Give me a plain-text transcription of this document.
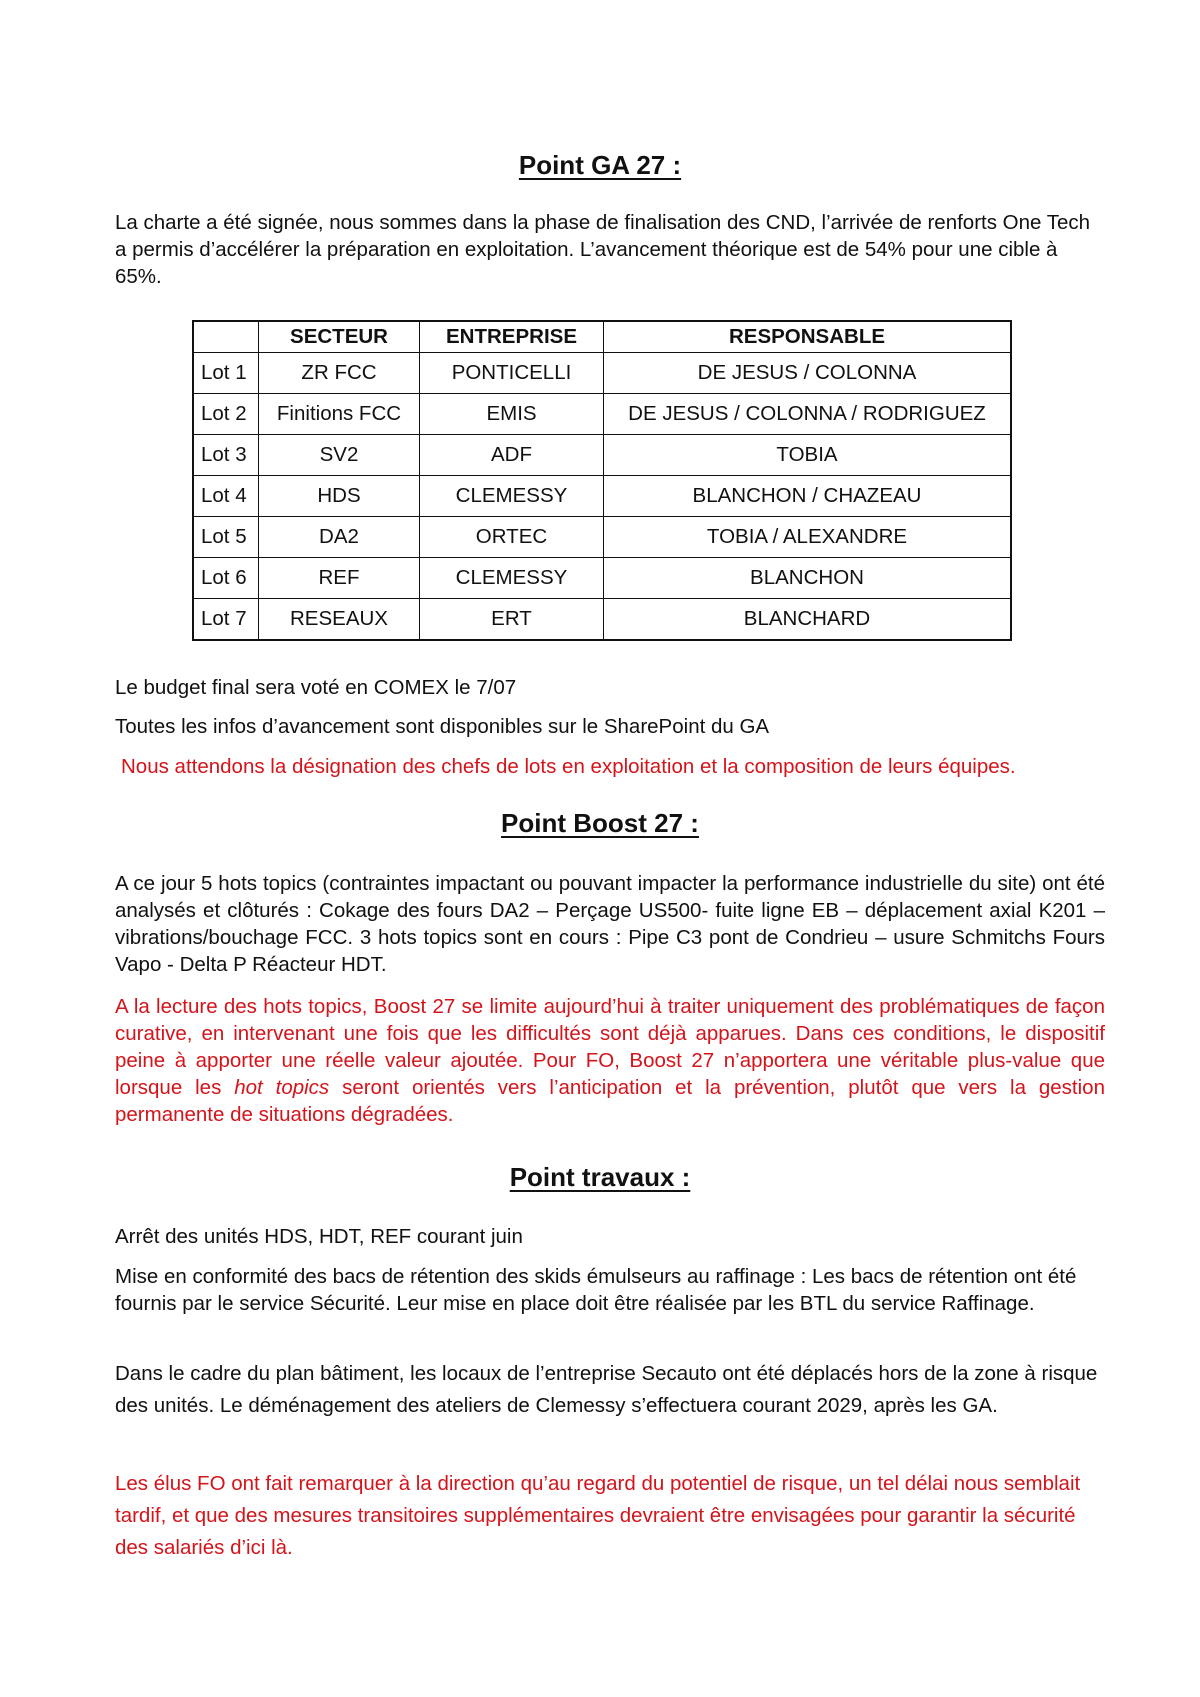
Point GA 27 :

La charte a été signée, nous sommes dans la phase de finalisation des CND, l’arrivée de renforts One Tech a permis d’accélérer la préparation en exploitation. L’avancement théorique est de 54% pour une cible à 65%.

	SECTEUR	ENTREPRISE	RESPONSABLE
Lot 1	ZR FCC	PONTICELLI	DE JESUS / COLONNA
Lot 2	Finitions FCC	EMIS	DE JESUS / COLONNA / RODRIGUEZ
Lot 3	SV2	ADF	TOBIA
Lot 4	HDS	CLEMESSY	BLANCHON / CHAZEAU
Lot 5	DA2	ORTEC	TOBIA / ALEXANDRE
Lot 6	REF	CLEMESSY	BLANCHON
Lot 7	RESEAUX	ERT	BLANCHARD

Le budget final sera voté en COMEX le 7/07

Toutes les infos d’avancement sont disponibles sur le SharePoint du GA

Nous attendons la désignation des chefs de lots en exploitation et la composition de leurs équipes.

Point Boost 27 :

A ce jour 5 hots topics (contraintes impactant ou pouvant impacter la performance industrielle du site) ont été analysés et clôturés : Cokage des fours DA2 – Perçage US500- fuite ligne EB – déplacement axial K201 – vibrations/bouchage FCC. 3 hots topics sont en cours : Pipe C3 pont de Condrieu – usure Schmitchs Fours Vapo - Delta P Réacteur HDT.

A la lecture des hots topics, Boost 27 se limite aujourd’hui à traiter uniquement des problématiques de façon curative, en intervenant une fois que les difficultés sont déjà apparues. Dans ces conditions, le dispositif peine à apporter une réelle valeur ajoutée. Pour FO, Boost 27 n’apportera une véritable plus-value que lorsque les hot topics seront orientés vers l’anticipation et la prévention, plutôt que vers la gestion permanente de situations dégradées.

Point travaux :

Arrêt des unités HDS, HDT, REF courant juin

Mise en conformité des bacs de rétention des skids émulseurs au raffinage : Les bacs de rétention ont été fournis par le service Sécurité. Leur mise en place doit être réalisée par les BTL du service Raffinage.

Dans le cadre du plan bâtiment, les locaux de l’entreprise Secauto ont été déplacés hors de la zone à risque des unités. Le déménagement des ateliers de Clemessy s’effectuera courant 2029, après les GA.

Les élus FO ont fait remarquer à la direction qu’au regard du potentiel de risque, un tel délai nous semblait tardif, et que des mesures transitoires supplémentaires devraient être envisagées pour garantir la sécurité des salariés d’ici là.
